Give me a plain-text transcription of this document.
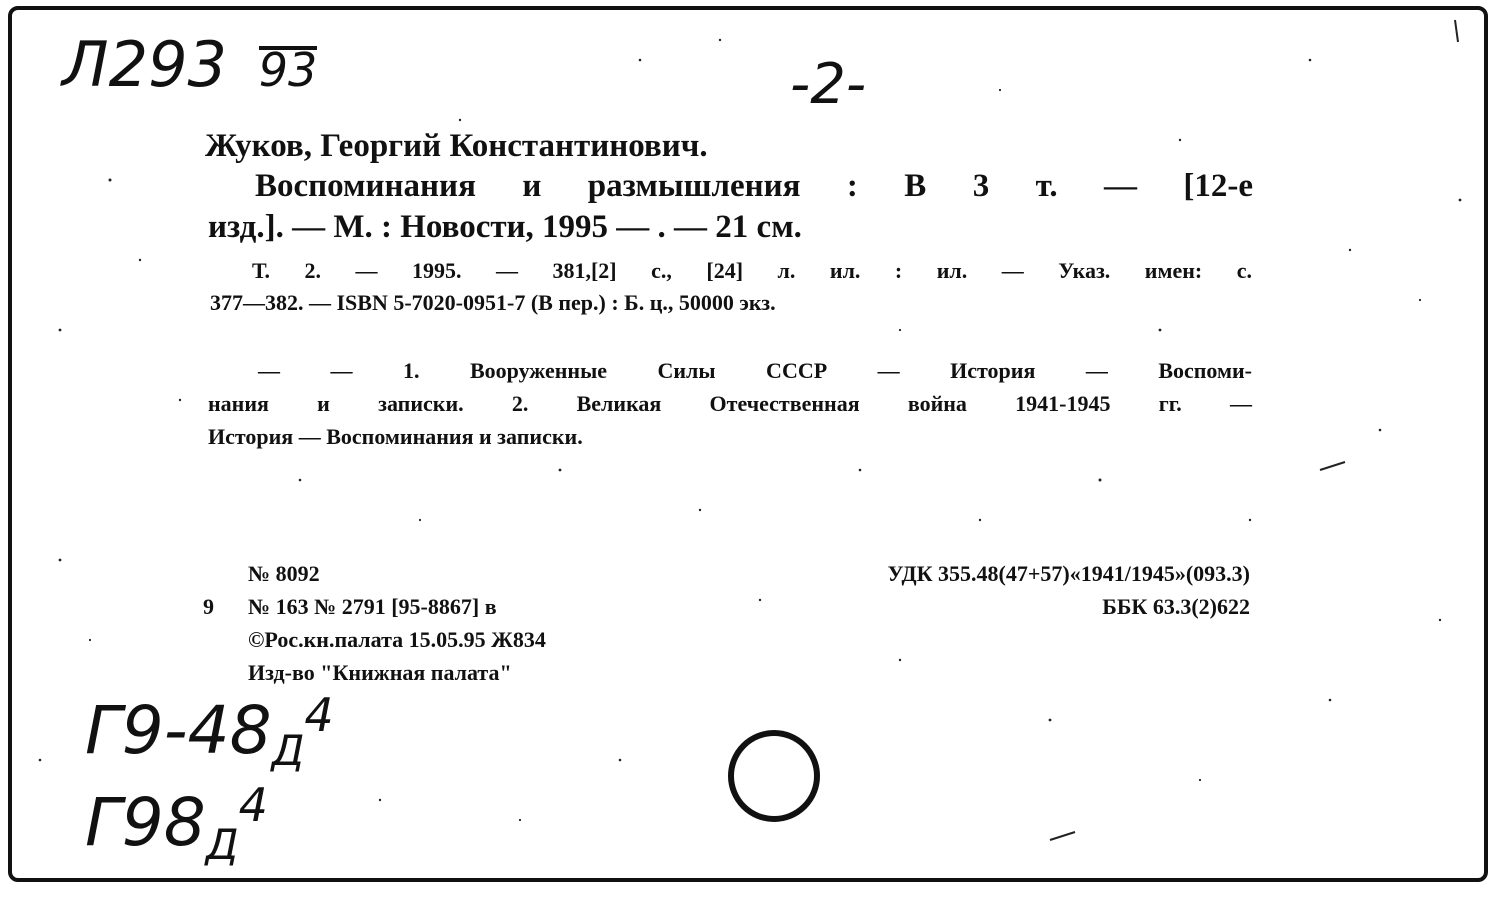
Л293 93	-2-
Жуков, Георгий Константинович.
Воспоминания и размышления : В 3 т. — [12-е
изд.]. — М. : Новости, 1995 — . — 21 см.
Т. 2. — 1995. — 381,[2] с., [24] л. ил. : ил. — Указ. имен: с.
377—382. — ISBN 5-7020-0951-7 (В пер.) : Б. ц., 50000 экз.
— — 1. Вооруженные Силы СССР — История — Воспоми-
нания и записки. 2. Великая Отечественная война 1941-1945 гг. —
История — Воспоминания и записки.
№ 8092
9 № 163 № 2791 [95-8867] в
©Рос.кн.палата 15.05.95 Ж834
Изд-во "Книжная палата"
УДК 355.48(47+57)«1941/1945»(093.3)
ББК 63.3(2)622
$Г9-48Д^4$
$Г98_Д^4$
